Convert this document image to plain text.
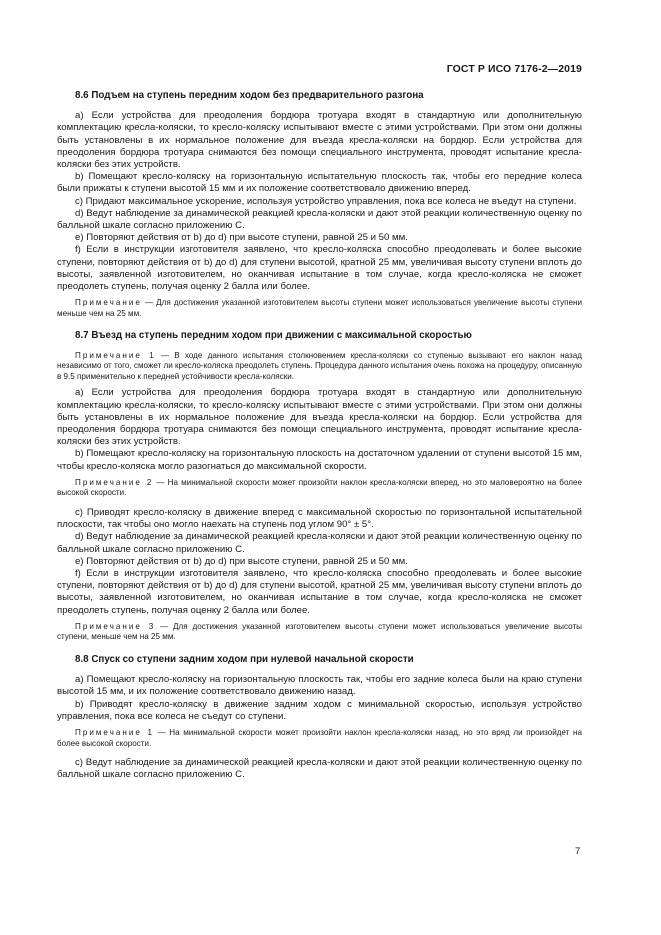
ГОСТ Р ИСО 7176-2—2019
8.6 Подъем на ступень передним ходом без предварительного разгона

a) Если устройства для преодоления бордюра тротуара входят в стандартную или дополнительную комплектацию кресла-коляски, то кресло-коляску испытывают вместе с этими устройствами. При этом они должны быть установлены в их нормальное положение для въезда кресла-коляски на бордюр. Если устройства для преодоления бордюра тротуара снимаются без помощи специального инструмента, проводят испытание кресла-коляски без этих устройств.

b) Помещают кресло-коляску на горизонтальную испытательную плоскость так, чтобы его передние колеса были прижаты к ступени высотой 15 мм и их положение соответствовало движению вперед.

c) Придают максимальное ускорение, используя устройство управления, пока все колеса не въедут на ступени.

d) Ведут наблюдение за динамической реакцией кресла-коляски и дают этой реакции количественную оценку по балльной шкале согласно приложению С.

e) Повторяют действия от b) до d) при высоте ступени, равной 25 и 50 мм.

f) Если в инструкции изготовителя заявлено, что кресло-коляска способно преодолевать и более высокие ступени, повторяют действия от b) до d) для ступени высотой, кратной 25 мм, увеличивая высоту ступени вплоть до высоты, заявленной изготовителем, но оканчивая испытание в том случае, когда кресло-коляска не сможет преодолеть ступень, получая оценку 2 балла или более.

Примечание — Для достижения указанной изготовителем высоты ступени может использоваться увеличение высоты ступени меньше чем на 25 мм.

8.7 Въезд на ступень передним ходом при движении с максимальной скоростью

Примечание 1 — В ходе данного испытания столкновением кресла-коляски со ступенью вызывают его наклон назад независимо от того, сможет ли кресло-коляска преодолеть ступень. Процедура данного испытания очень похожа на процедуру, описанную в 9.5 применительно к передней устойчивости кресла-коляски.

a) Если устройства для преодоления бордюра тротуара входят в стандартную или дополнительную комплектацию кресла-коляски, то кресло-коляску испытывают вместе с этими устройствами. При этом они должны быть установлены в их нормальное положение для въезда кресла-коляски на бордюр. Если устройства для преодоления бордюра тротуара снимаются без помощи специального инструмента, проводят испытание кресла-коляски без этих устройств.

b) Помещают кресло-коляску на горизонтальную плоскость на достаточном удалении от ступени высотой 15 мм, чтобы кресло-коляска могло разогнаться до максимальной скорости.

Примечание 2 — На минимальной скорости может произойти наклон кресла-коляски вперед, но это маловероятно на более высокой скорости.

c) Приводят кресло-коляску в движение вперед с максимальной скоростью по горизонтальной испытательной плоскости, так чтобы оно могло наехать на ступень под углом 90° ± 5°.

d) Ведут наблюдение за динамической реакцией кресла-коляски и дают этой реакции количественную оценку по балльной шкале согласно приложению С.

e) Повторяют действия от b) до d) при высоте ступени, равной 25 и 50 мм.

f) Если в инструкции изготовителя заявлено, что кресло-коляска способно преодолевать и более высокие ступени, повторяют действия от b) до d) для ступени высотой, кратной 25 мм, увеличивая высоту ступени вплоть до высоты, заявленной изготовителем, но оканчивая испытание в том случае, когда кресло-коляска не сможет преодолеть ступень, получая оценку 2 балла или более.

Примечание 3 — Для достижения указанной изготовителем высоты ступени может использоваться увеличение высоты ступени, меньше чем на 25 мм.

8.8 Спуск со ступени задним ходом при нулевой начальной скорости

a) Помещают кресло-коляску на горизонтальную плоскость так, чтобы его задние колеса были на краю ступени высотой 15 мм, и их положение соответствовало движению назад.

b) Приводят кресло-коляску в движение задним ходом с минимальной скоростью, используя устройство управления, пока все колеса не съедут со ступени.

Примечание 1 — На минимальной скорости может произойти наклон кресла-коляски назад, но это вряд ли произойдет на более высокой скорости.

c) Ведут наблюдение за динамической реакцией кресла-коляски и дают этой реакции количественную оценку по балльной шкале согласно приложению С.

7
